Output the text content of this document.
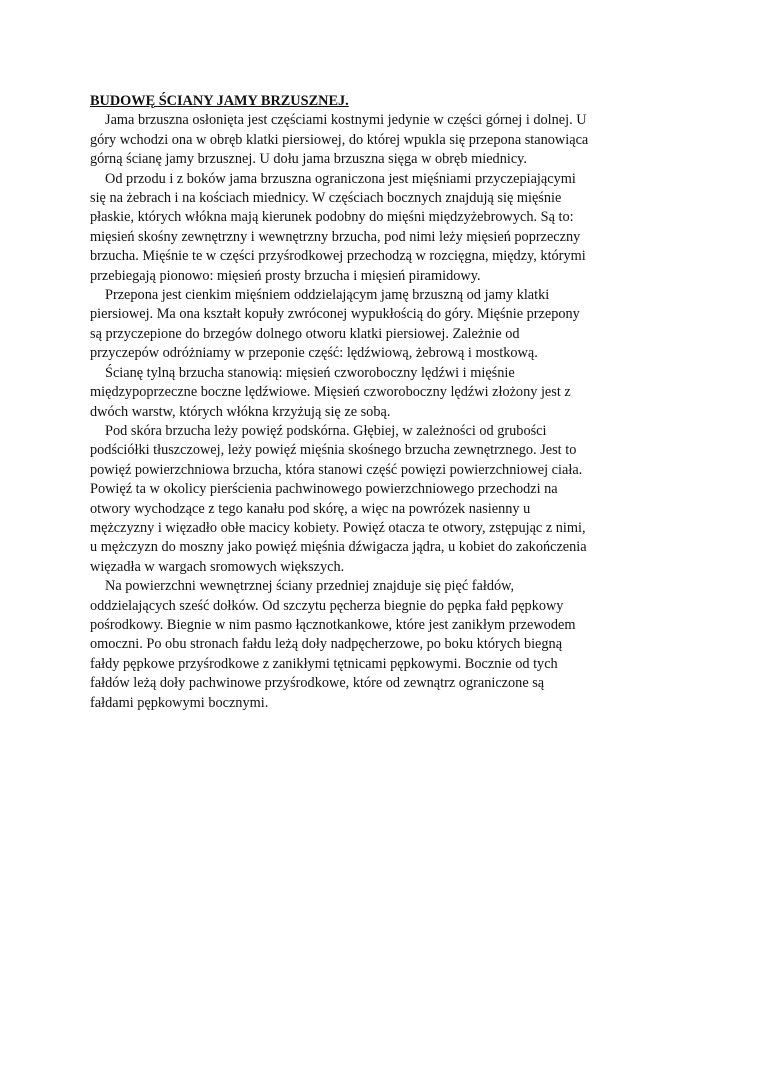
BUDOWĘ ŚCIANY JAMY BRZUSZNEJ.

Jama brzuszna osłonięta jest częściami kostnymi jedynie w części górnej i dolnej. U
góry wchodzi ona w obręb klatki piersiowej, do której wpukla się przepona stanowiąca
górną ścianę jamy brzusznej. U dołu jama brzuszna sięga w obręb miednicy.

Od przodu i z boków jama brzuszna ograniczona jest mięśniami przyczepiającymi
się na żebrach i na kościach miednicy. W częściach bocznych znajdują się mięśnie
płaskie, których włókna mają kierunek podobny do mięśni międzyżebrowych. Są to:
mięsień skośny zewnętrzny i wewnętrzny brzucha, pod nimi leży mięsień poprzeczny
brzucha. Mięśnie te w części przyśrodkowej przechodzą w rozcięgna, między, którymi
przebiegają pionowo: mięsień prosty brzucha i mięsień piramidowy.

Przepona jest cienkim mięśniem oddzielającym jamę brzuszną od jamy klatki
piersiowej. Ma ona kształt kopuły zwróconej wypukłością do góry. Mięśnie przepony
są przyczepione do brzegów dolnego otworu klatki piersiowej. Zależnie od
przyczepów odróżniamy w przeponie część: lędźwiową, żebrową i mostkową.

Ścianę tylną brzucha stanowią: mięsień czworoboczny lędźwi i mięśnie
międzypoprzeczne boczne lędźwiowe. Mięsień czworoboczny lędźwi złożony jest z
dwóch warstw, których włókna krzyżują się ze sobą.

Pod skóra brzucha leży powięź podskórna. Głębiej, w zależności od grubości
podściółki tłuszczowej, leży powięź mięśnia skośnego brzucha zewnętrznego. Jest to
powięź powierzchniowa brzucha, która stanowi część powięzi powierzchniowej ciała.
Powięź ta w okolicy pierścienia pachwinowego powierzchniowego przechodzi na
otwory wychodzące z tego kanału pod skórę, a więc na powrózek nasienny u
mężczyzny i więzadło obłe macicy kobiety. Powięź otacza te otwory, zstępując z nimi,
u mężczyzn do moszny jako powięź mięśnia dźwigacza jądra, u kobiet do zakończenia
więzadła w wargach sromowych większych.

Na powierzchni wewnętrznej ściany przedniej znajduje się pięć fałdów,
oddzielających sześć dołków. Od szczytu pęcherza biegnie do pępka fałd pępkowy
pośrodkowy. Biegnie w nim pasmo łącznotkankowe, które jest zanikłym przewodem
omoczni. Po obu stronach fałdu leżą doły nadpęcherzowe, po boku których biegną
fałdy pępkowe przyśrodkowe z zanikłymi tętnicami pępkowymi. Bocznie od tych
fałdów leżą doły pachwinowe przyśrodkowe, które od zewnątrz ograniczone są
fałdami pępkowymi bocznymi.
